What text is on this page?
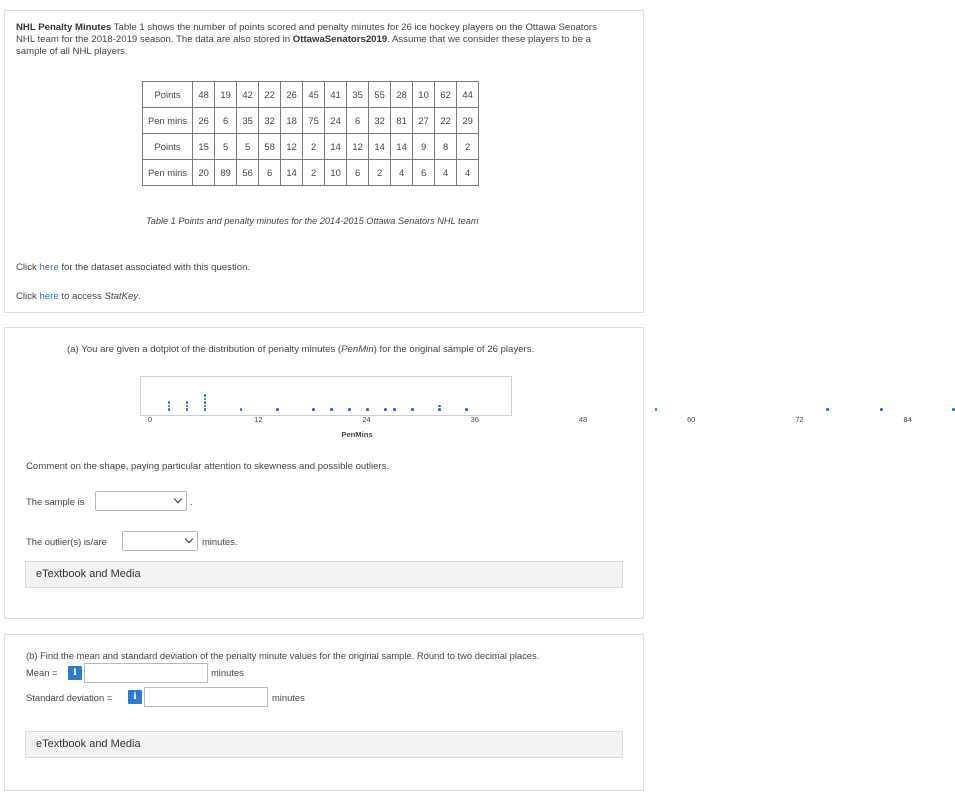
NHL Penalty Minutes Table 1 shows the number of points scored and penalty minutes for 26 ice hockey players on the Ottawa Senators NHL team for the 2018-2019 season. The data are also stored in OttawaSenators2019. Assume that we consider these players to be a sample of all NHL players.
Points	48	19	42	22	26	45	41	35	55	28	10	62	44
Pen mins	26	6	35	32	18	75	24	6	32	81	27	22	29
Points	15	5	5	58	12	2	14	12	14	14	9	8	2
Pen mins	20	89	56	6	14	2	10	6	2	4	6	4	4
Table 1 Points and penalty minutes for the 2014-2015 Ottawa Senators NHL team
Click here for the dataset associated with this question.
Click here to access StatKey.
(a) You are given a dotplot of the distribution of penalty minutes (PenMin) for the original sample of 26 players.
0	12	24	36	48	60	72	84
PenMins
Comment on the shape, paying particular attention to skewness and possible outliers.
The sample is	.
The outlier(s) is/are	minutes.
eTextbook and Media
(b) Find the mean and standard deviation of the penalty minute values for the original sample. Round to two decimal places.
Mean =	i	minutes
Standard deviation =	i	minutes
eTextbook and Media
